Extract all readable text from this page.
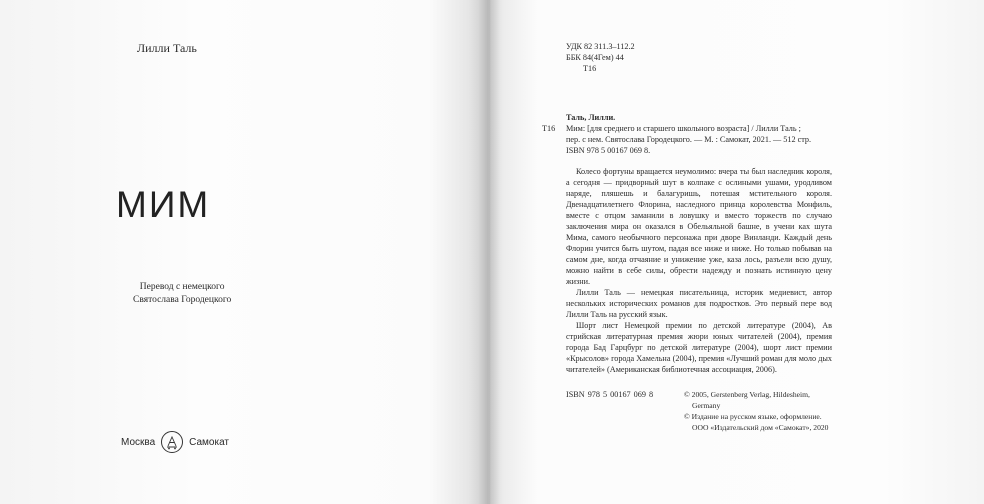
Лилли Таль
МИМ
Перевод с немецкого
Святослава Городецкого
Москва	Самокат
УДК 82 311.3–112.2
ББК 84(4Гем) 44
Т16
Т16
Таль, Лилли.
Мим: [для среднего и старшего школьного возраста] / Лилли Таль ;
пер. с нем. Святослава Городецкого. — М. : Самокат, 2021. — 512 стр.
ISBN 978 5 00167 069 8.

Колесо фортуны вращается неумолимо: вчера ты был наследник короля, а сегодня — придворный шут в колпаке с ослиными ушами, уродливом наряде, пляшешь и балагуришь, потешая мстительного короля. Двенадцатилетнего Флорина, наследного принца королевства Монфиль, вместе с отцом заманили в ловушку и вместо торжеств по случаю заключения мира он оказался в Обельяльной башне, в учени ках шута Мима, самого необычного персонажа при дворе Винланди. Каждый день Флорин учится быть шутом, падая все ниже и ниже. Но только побывав на самом дне, когда отчаяние и унижение уже, каза лось, разъели всю душу, можно найти в себе силы, обрести надежду и познать истинную цену жизни.

Лилли Таль — немецкая писательница, историк медиевист, автор нескольких исторических романов для подростков. Это первый пере вод Лилли Таль на русский язык.

Шорт лист Немецкой премии по детской литературе (2004), Ав стрийская литературная премия жюри юных читателей (2004), премия города Бад Гарцбург по детской литературе (2004), шорт лист премии «Крысолов» города Хамельна (2004), премия «Лучший роман для моло дых читателей» (Американская библиотечная ассоциация, 2006).

ISBN 978 5 00167 069 8	© 2005, Gerstenberg Verlag, Hildesheim,
Germany
© Издание на русском языке, оформление.
ООО «Издательский дом «Самокат», 2020
